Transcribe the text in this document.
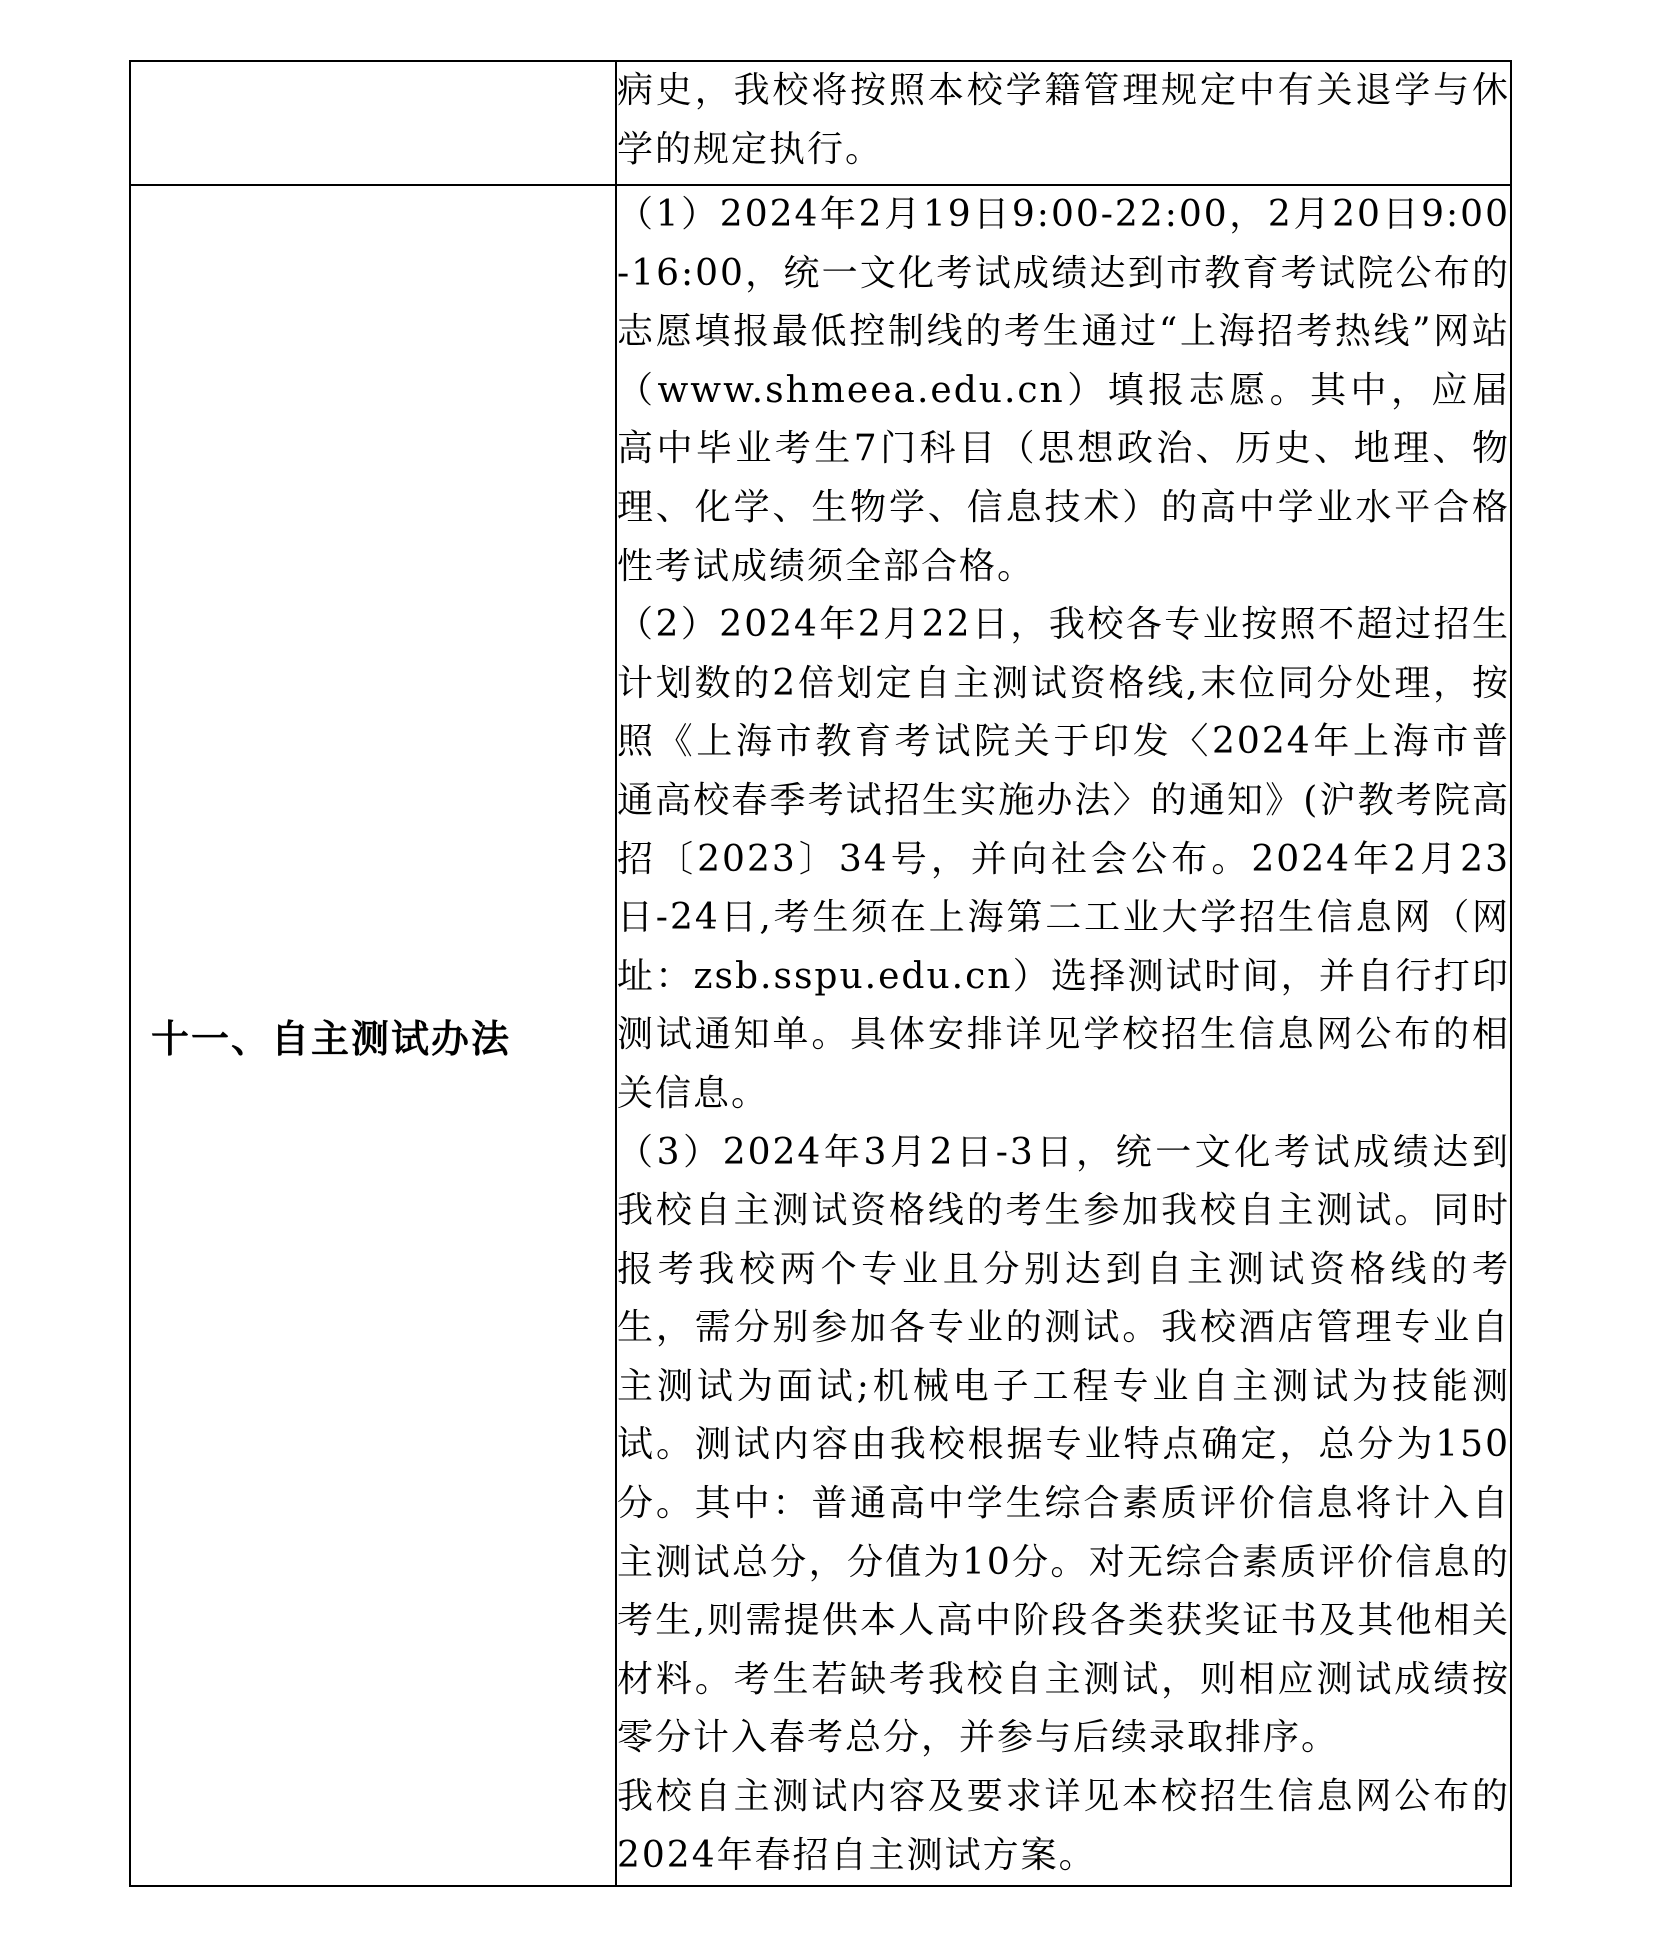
	病史，我校将按照本校学籍管理规定中有关退学与休学的规定执行。

十一、自主测试办法	（1）2024年2月19日9:00-22:00，2月20日9:00-16:00，统一文化考试成绩达到市教育考试院公布的志愿填报最低控制线的考生通过“上海招考热线”网站（www.shmeea.edu.cn）填报志愿。其中，应届高中毕业考生7门科目（思想政治、历史、地理、物理、化学、生物学、信息技术）的高中学业水平合格性考试成绩须全部合格。

（2）2024年2月22日，我校各专业按照不超过招生计划数的2倍划定自主测试资格线,末位同分处理，按照《上海市教育考试院关于印发〈2024年上海市普通高校春季考试招生实施办法〉的通知》(沪教考院高招〔2023〕34号，并向社会公布。2024年2月23日-24日,考生须在上海第二工业大学招生信息网（网址：zsb.sspu.edu.cn）选择测试时间，并自行打印测试通知单。具体安排详见学校招生信息网公布的相关信息。

（3）2024年3月2日-3日，统一文化考试成绩达到我校自主测试资格线的考生参加我校自主测试。同时报考我校两个专业且分别达到自主测试资格线的考生，需分别参加各专业的测试。我校酒店管理专业自主测试为面试;机械电子工程专业自主测试为技能测试。测试内容由我校根据专业特点确定，总分为150分。其中：普通高中学生综合素质评价信息将计入自主测试总分，分值为10分。对无综合素质评价信息的考生,则需提供本人高中阶段各类获奖证书及其他相关材料。考生若缺考我校自主测试，则相应测试成绩按零分计入春考总分，并参与后续录取排序。

我校自主测试内容及要求详见本校招生信息网公布的2024年春招自主测试方案。
